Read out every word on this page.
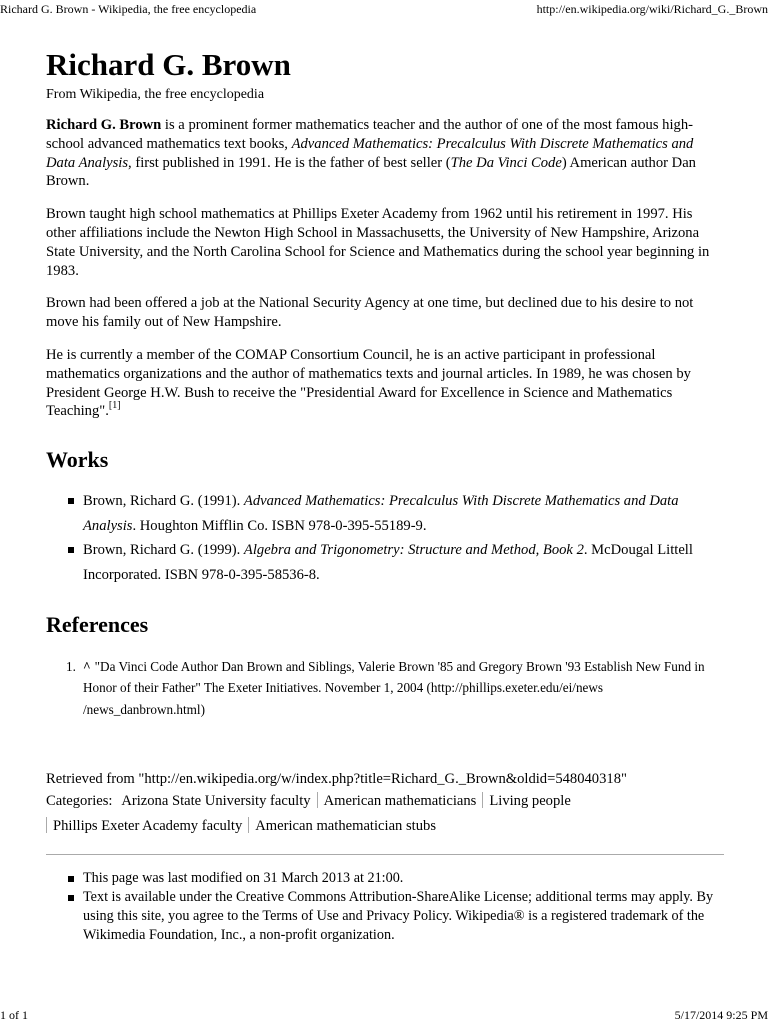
Richard G. Brown - Wikipedia, the free encyclopedia	http://en.wikipedia.org/wiki/Richard_G._Brown
Richard G. Brown
From Wikipedia, the free encyclopedia

Richard G. Brown is a prominent former mathematics teacher and the author of one of the most famous high-school advanced mathematics text books, Advanced Mathematics: Precalculus With Discrete Mathematics and Data Analysis, first published in 1991. He is the father of best seller (The Da Vinci Code) American author Dan Brown.

Brown taught high school mathematics at Phillips Exeter Academy from 1962 until his retirement in 1997. His other affiliations include the Newton High School in Massachusetts, the University of New Hampshire, Arizona State University, and the North Carolina School for Science and Mathematics during the school year beginning in 1983.

Brown had been offered a job at the National Security Agency at one time, but declined due to his desire to not move his family out of New Hampshire.

He is currently a member of the COMAP Consortium Council, he is an active participant in professional mathematics organizations and the author of mathematics texts and journal articles. In 1989, he was chosen by President George H.W. Bush to receive the "Presidential Award for Excellence in Science and Mathematics Teaching".[1]

Works
Brown, Richard G. (1991). Advanced Mathematics: Precalculus With Discrete Mathematics and Data Analysis. Houghton Mifflin Co. ISBN 978-0-395-55189-9.
Brown, Richard G. (1999). Algebra and Trigonometry: Structure and Method, Book 2. McDougal Littell Incorporated. ISBN 978-0-395-58536-8.
References
1. ^ "Da Vinci Code Author Dan Brown and Siblings, Valerie Brown '85 and Gregory Brown '93 Establish New Fund in Honor of their Father" The Exeter Initiatives. November 1, 2004 (http://phillips.exeter.edu/ei/news /news_danbrown.html)
Retrieved from "http://en.wikipedia.org/w/index.php?title=Richard_G._Brown&oldid=548040318"
Categories: Arizona State University faculty American mathematicians Living people
Phillips Exeter Academy faculty American mathematician stubs
This page was last modified on 31 March 2013 at 21:00.
Text is available under the Creative Commons Attribution-ShareAlike License; additional terms may apply. By using this site, you agree to the Terms of Use and Privacy Policy. Wikipedia® is a registered trademark of the Wikimedia Foundation, Inc., a non-profit organization.
1 of 1	5/17/2014 9:25 PM
